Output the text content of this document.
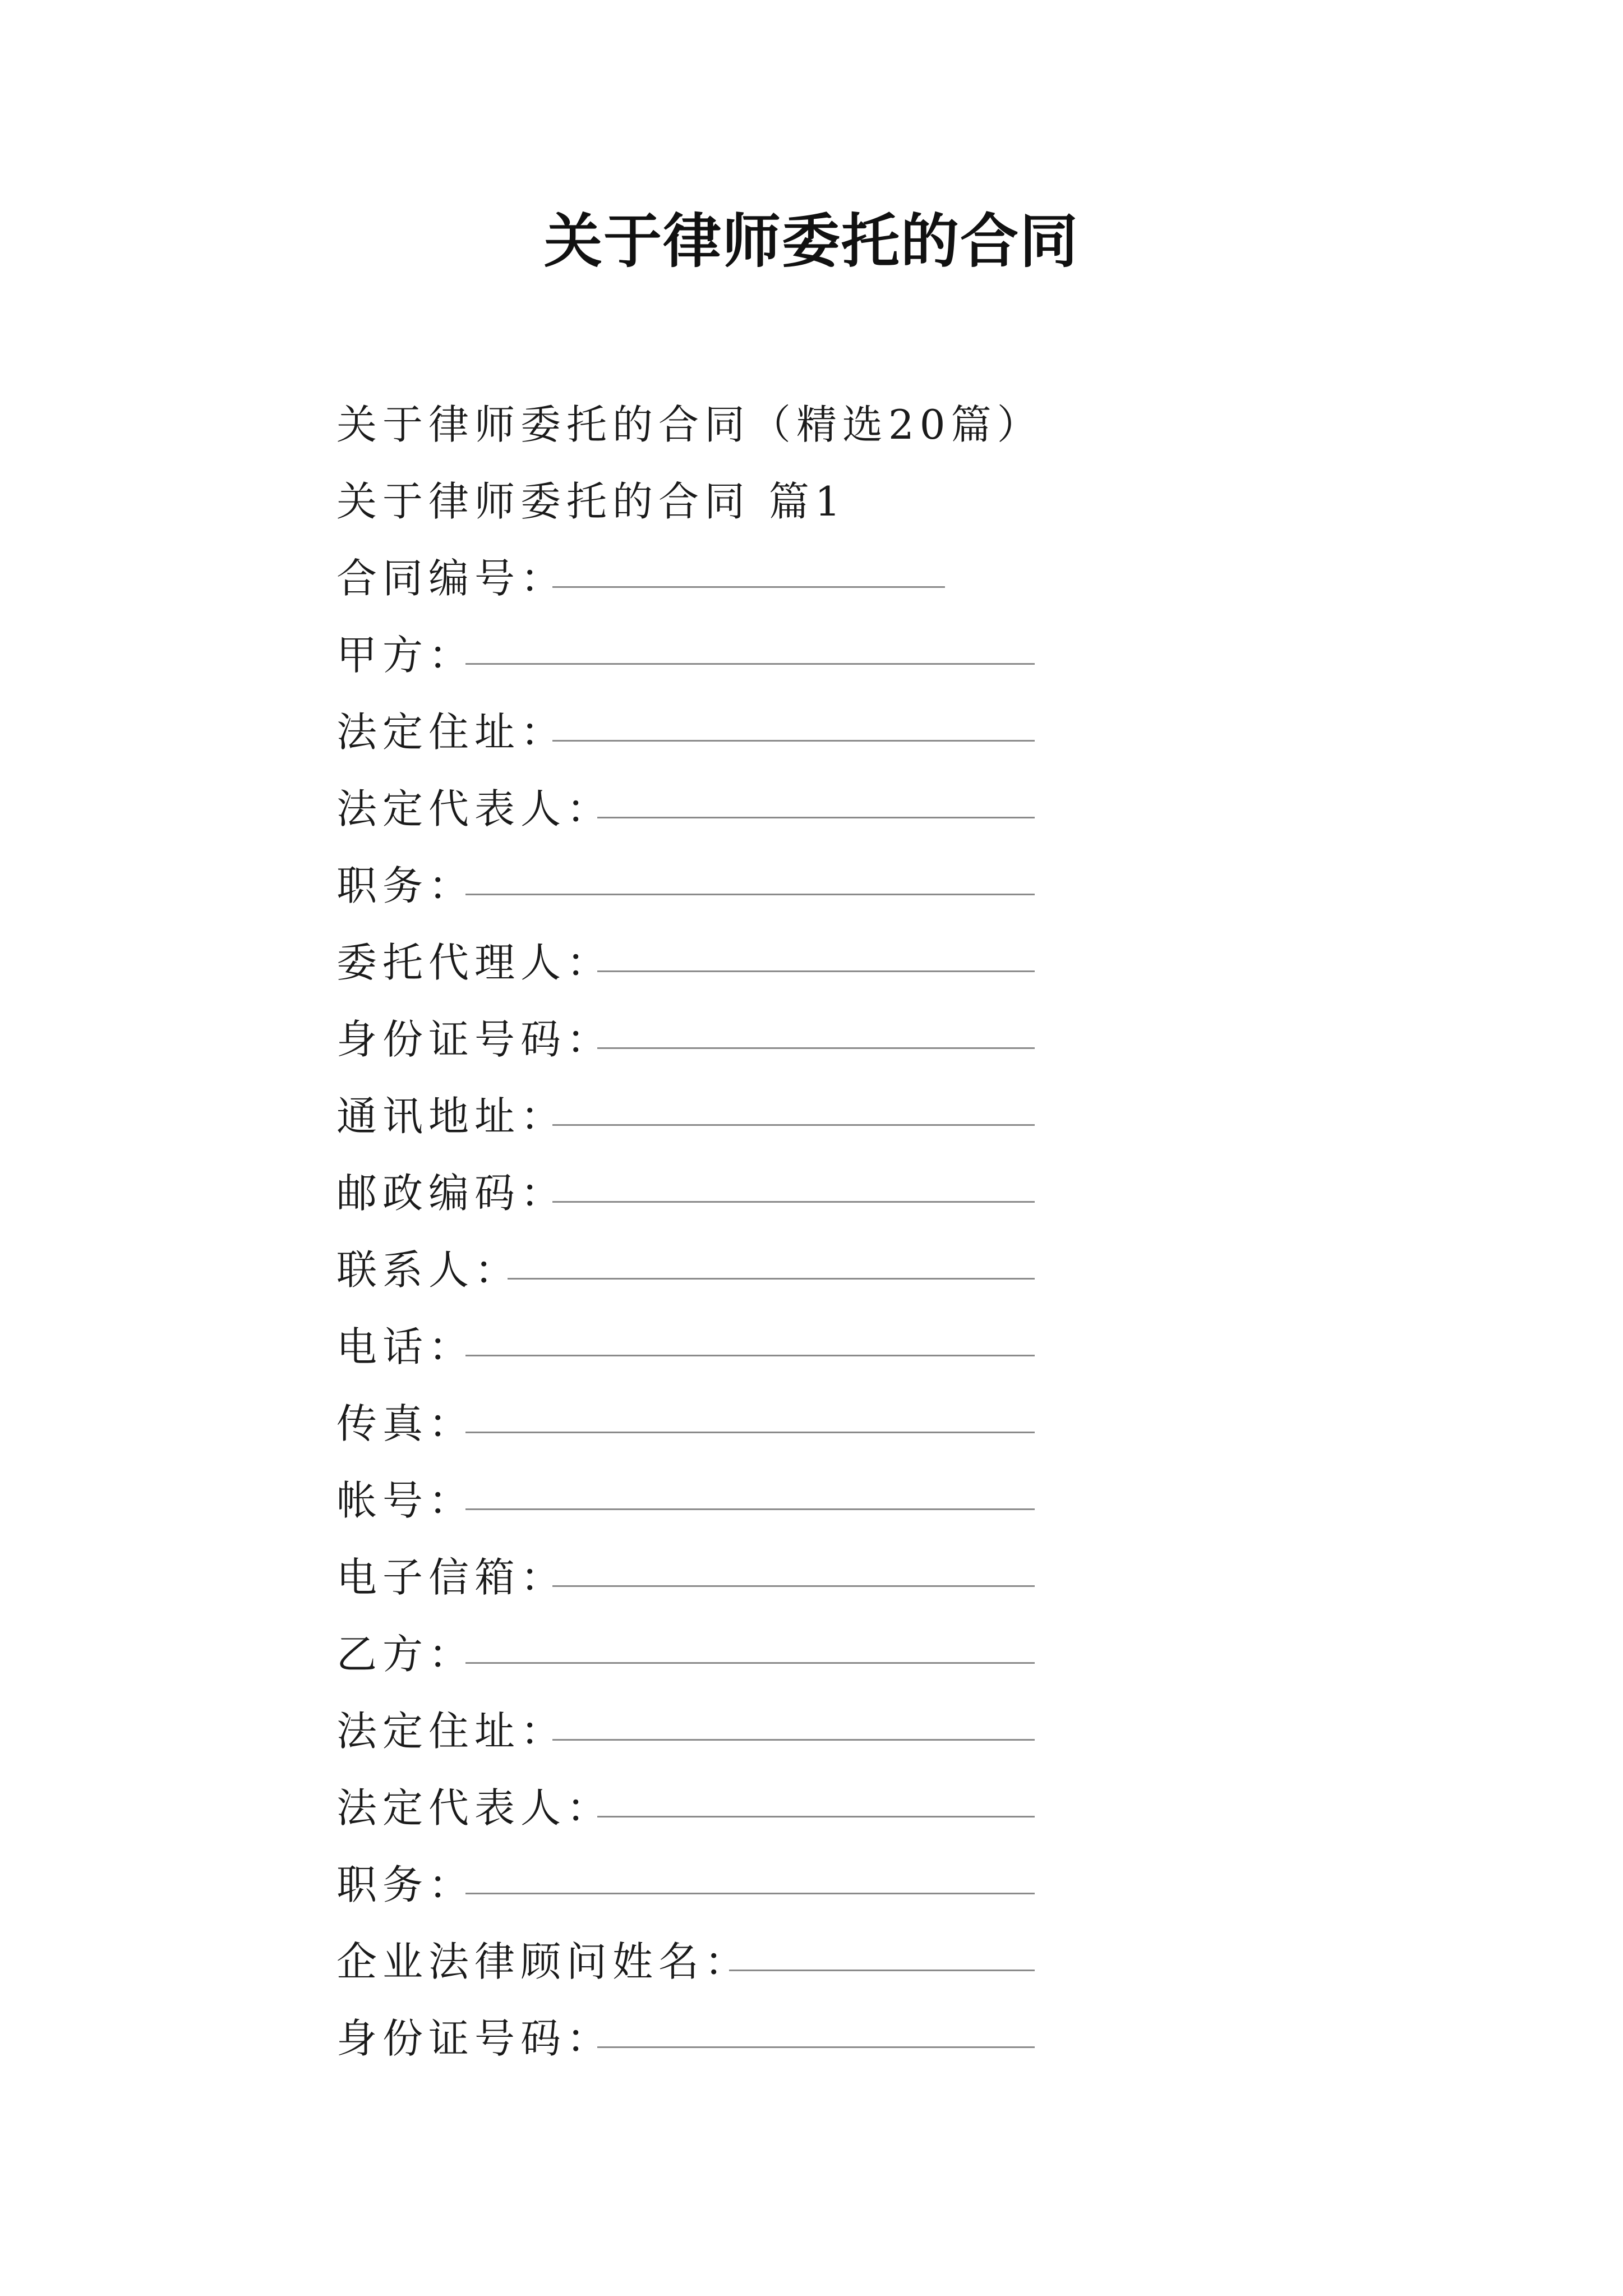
关于律师委托的合同
关于律师委托的合同（精选20篇）
关于律师委托的合同 篇1
合同编号：
甲方：
法定住址：
法定代表人：
职务：
委托代理人：
身份证号码：
通讯地址：
邮政编码：
联系人：
电话：
传真：
帐号：
电子信箱：
乙方：
法定住址：
法定代表人：
职务：
企业法律顾问姓名：
身份证号码：
